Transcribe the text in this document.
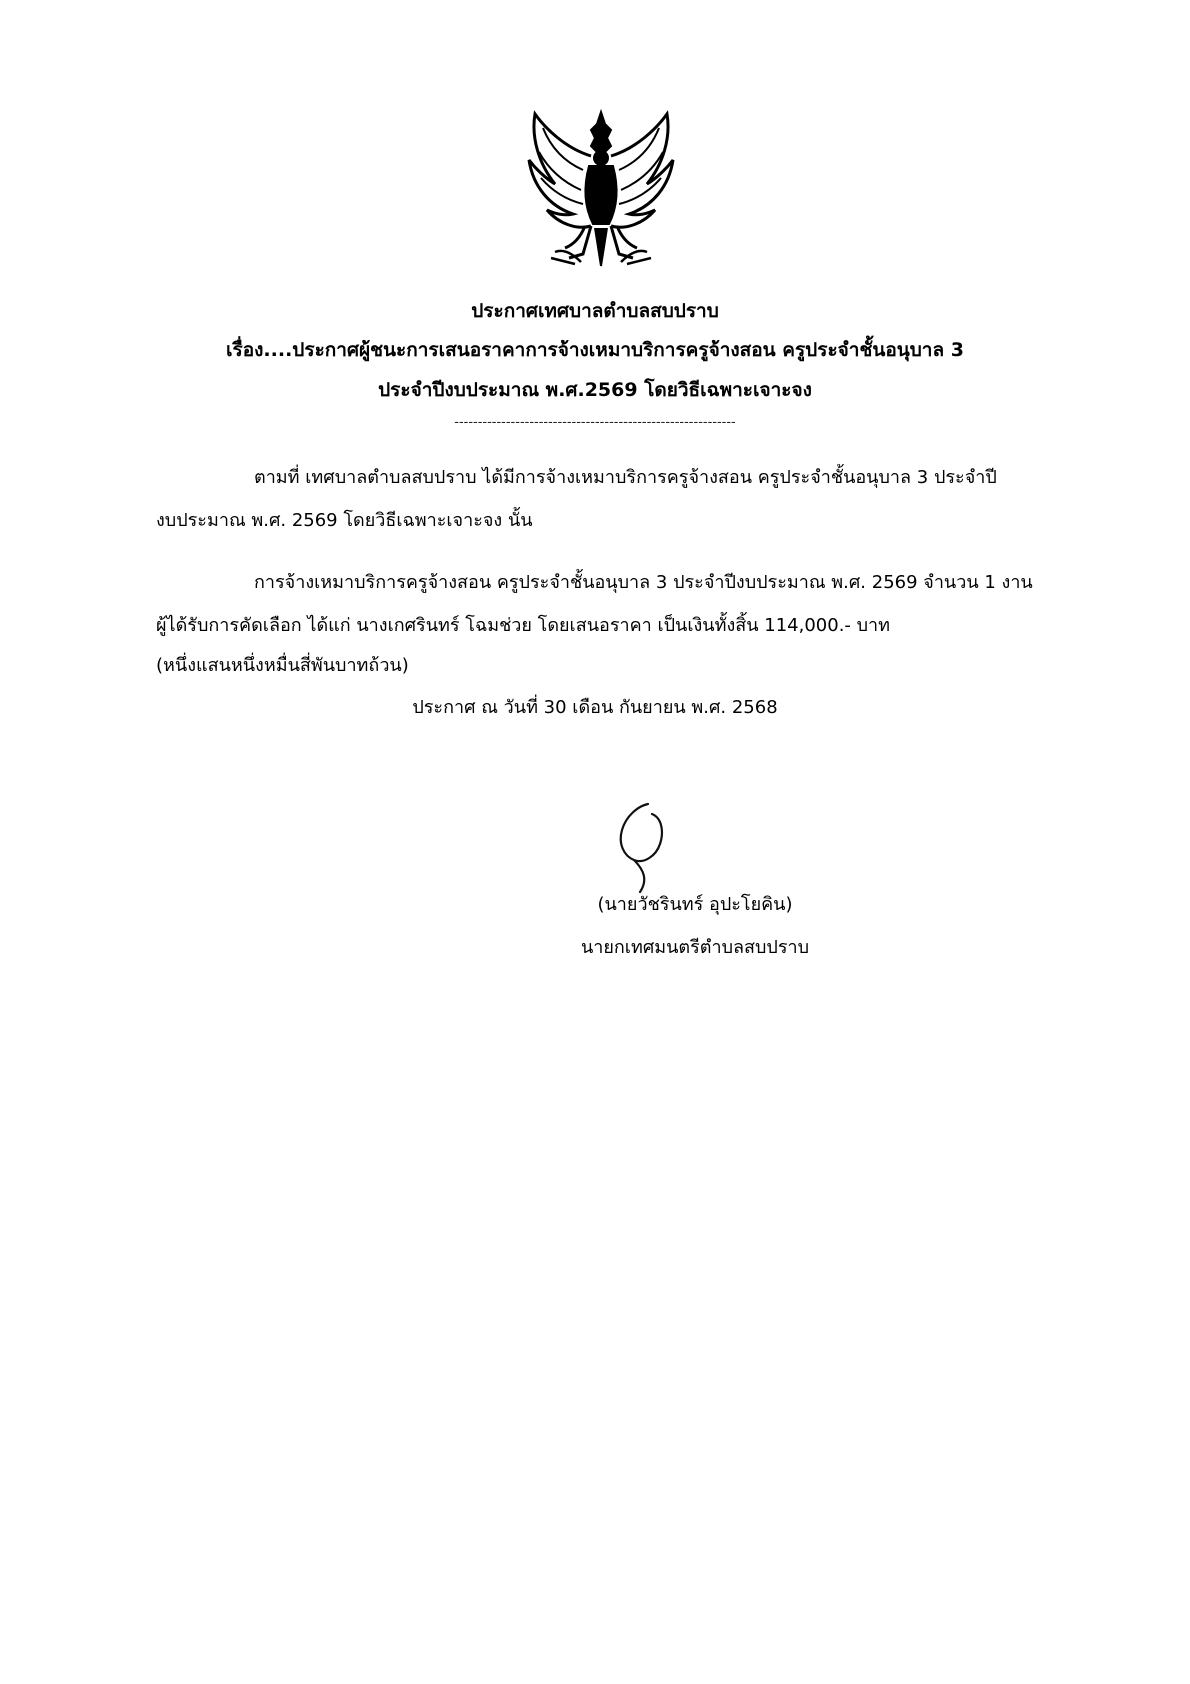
ประกาศเทศบาลตำบลสบปราบ
เรื่อง....ประกาศผู้ชนะการเสนอราคาการจ้างเหมาบริการครูจ้างสอน ครูประจำชั้นอนุบาล 3
ประจำปีงบประมาณ พ.ศ.2569 โดยวิธีเฉพาะเจาะจง
------------------------------------------------------------
ตามที่ เทศบาลตำบลสบปราบ ได้มีการจ้างเหมาบริการครูจ้างสอน ครูประจำชั้นอนุบาล 3 ประจำปี
งบประมาณ พ.ศ. 2569 โดยวิธีเฉพาะเจาะจง นั้น
การจ้างเหมาบริการครูจ้างสอน ครูประจำชั้นอนุบาล 3 ประจำปีงบประมาณ พ.ศ. 2569 จำนวน 1 งาน
ผู้ได้รับการคัดเลือก ได้แก่ นางเกศรินทร์ โฉมช่วย โดยเสนอราคา เป็นเงินทั้งสิ้น 114,000.- บาท
(หนึ่งแสนหนึ่งหมื่นสี่พันบาทถ้วน)
ประกาศ ณ วันที่ 30 เดือน กันยายน พ.ศ. 2568
(นายวัชรินทร์ อุปะโยคิน)
นายกเทศมนตรีตำบลสบปราบ
